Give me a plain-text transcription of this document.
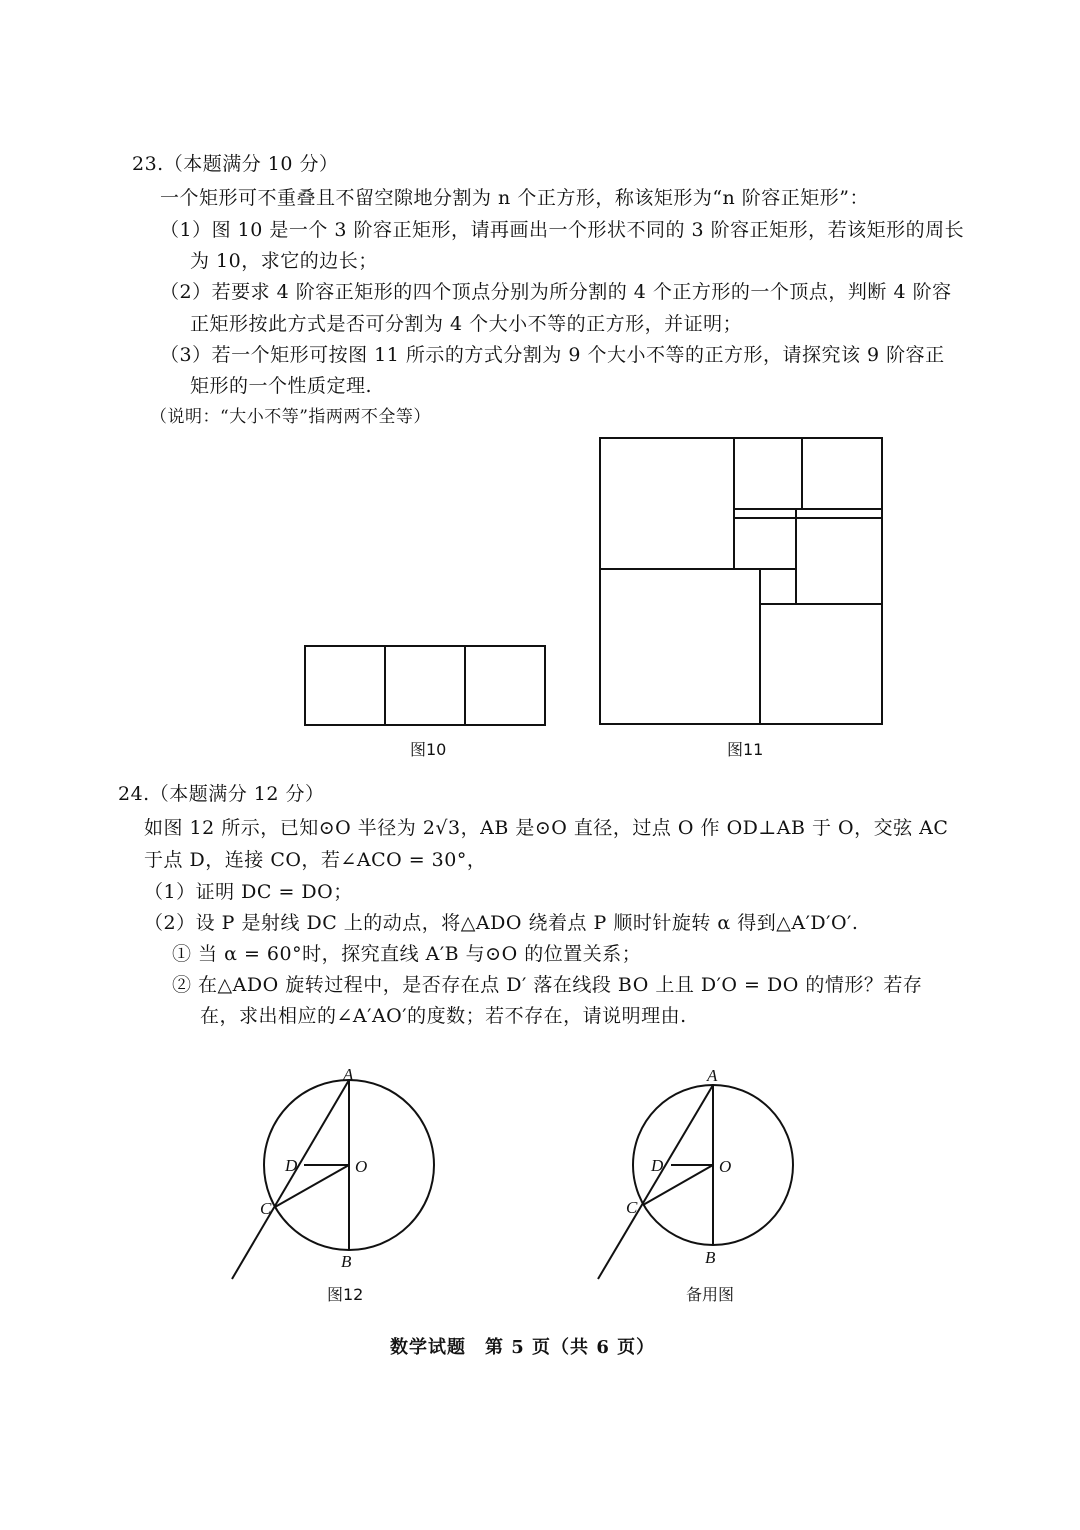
23.（本题满分 10 分）
一个矩形可不重叠且不留空隙地分割为 n 个正方形，称该矩形为“n 阶容正矩形”：
（1）图 10 是一个 3 阶容正矩形，请再画出一个形状不同的 3 阶容正矩形，若该矩形的周长
为 10，求它的边长；
（2）若要求 4 阶容正矩形的四个顶点分别为所分割的 4 个正方形的一个顶点，判断 4 阶容
正矩形按此方式是否可分割为 4 个大小不等的正方形，并证明；
（3）若一个矩形可按图 11 所示的方式分割为 9 个大小不等的正方形，请探究该 9 阶容正
矩形的一个性质定理.
（说明：“大小不等”指两两不全等）
图10	图11
24.（本题满分 12 分）
如图 12 所示，已知⊙O 半径为 2√3，AB 是⊙O 直径，过点 O 作 OD⊥AB 于 O，交弦 AC
于点 D，连接 CO，若∠ACO = 30°，
（1）证明 DC = DO；
（2）设 P 是射线 DC 上的动点，将△ADO 绕着点 P 顺时针旋转 α 得到△A′D′O′.
① 当 α = 60°时，探究直线 A′B 与⊙O 的位置关系；
② 在△ADO 旋转过程中，是否存在点 D′ 落在线段 BO 上且 D′O = DO 的情形？若存
在，求出相应的∠A′AO′的度数；若不存在，请说明理由.
A
B
C
D	O
A
B
C
D	O
图12	备用图
数学试题　第 5 页（共 6 页）
